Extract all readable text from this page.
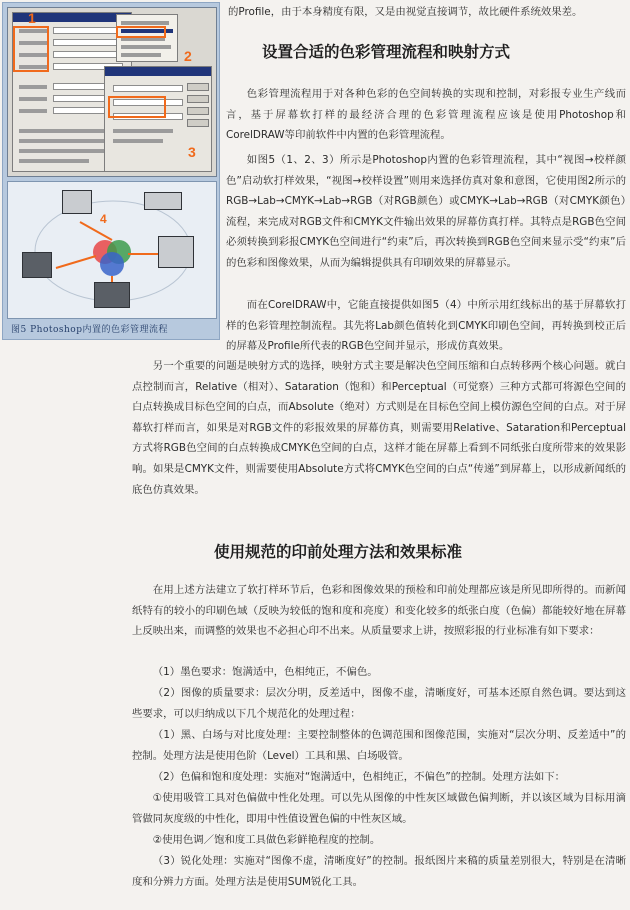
1
2
3
4
图5 Photoshop内置的色彩管理流程
的Profile，由于本身精度有限，又是由视觉直接调节，故比硬件系统效果差。
设置合适的色彩管理流程和映射方式
色彩管理流程用于对各种色彩的色空间转换的实现和控制，对彩报专业生产线而言，基于屏幕软打样的最经济合理的色彩管理流程应该是使用Photoshop和CorelDRAW等印前软件中内置的色彩管理流程。
如图5（1、2、3）所示是Photoshop内置的色彩管理流程，其中“视图→校样颜色”启动软打样效果，“视图→校样设置”则用来选择仿真对象和意图，它使用图2所示的RGB→Lab→CMYK→Lab→RGB（对RGB颜色）或CMYK→Lab→RGB（对CMYK颜色）流程，来完成对RGB文件和CMYK文件输出效果的屏幕仿真打样。其特点是RGB色空间必须转换到彩报CMYK色空间进行“约束”后，再次转换到RGB色空间来显示受“约束”后的色彩和图像效果，从而为编辑提供具有印刷效果的屏幕显示。
而在CorelDRAW中，它能直接提供如图5（4）中所示用红线标出的基于屏幕软打样的色彩管理控制流程。其先将Lab颜色值转化到CMYK印刷色空间，再转换到校正后的屏幕及Profile所代表的RGB色空间并显示，形成仿真效果。
另一个重要的问题是映射方式的选择，映射方式主要是解决色空间压缩和白点转移两个核心问题。就白点控制而言，Relative（相对）、Sataration（饱和）和Perceptual（可觉察）三种方式都可将源色空间的白点转换成目标色空间的白点，而Absolute（绝对）方式则是在目标色空间上模仿源色空间的白点。对于屏幕软打样而言，如果是对RGB文件的彩报效果的屏幕仿真，则需要用Relative、Sataration和Perceptual方式将RGB色空间的白点转换成CMYK色空间的白点，这样才能在屏幕上看到不同纸张白度所带来的效果影响。如果是CMYK文件，则需要使用Absolute方式将CMYK色空间的白点“传递”到屏幕上，以形成新闻纸的底色仿真效果。
使用规范的印前处理方法和效果标准
在用上述方法建立了软打样环节后，色彩和图像效果的预检和印前处理都应该是所见即所得的。而新闻纸特有的较小的印刷色域（反映为较低的饱和度和亮度）和变化较多的纸张白度（色偏）都能较好地在屏幕上反映出来，而调整的效果也不必担心印不出来。从质量要求上讲，按照彩报的行业标准有如下要求：
（1）墨色要求：饱满适中，色相纯正，不偏色。
（2）图像的质量要求：层次分明，反差适中，图像不虚，清晰度好，可基本还原自然色调。要达到这些要求，可以归纳成以下几个规范化的处理过程：
（1）黑、白场与对比度处理：主要控制整体的色调范围和图像范围，实施对“层次分明、反差适中”的控制。处理方法是使用色阶（Level）工具和黑、白场吸管。
（2）色偏和饱和度处理：实施对“饱满适中，色相纯正，不偏色”的控制。处理方法如下：
①使用吸管工具对色偏做中性化处理。可以先从图像的中性灰区域做色偏判断，并以该区域为目标用滴管做同灰度级的中性化，即用中性值设置色偏的中性灰区域。
②使用色调／饱和度工具做色彩鲜艳程度的控制。
（3）锐化处理：实施对“图像不虚，清晰度好”的控制。报纸图片来稿的质量差别很大，特别是在清晰度和分辨力方面。处理方法是使用SUM锐化工具。
